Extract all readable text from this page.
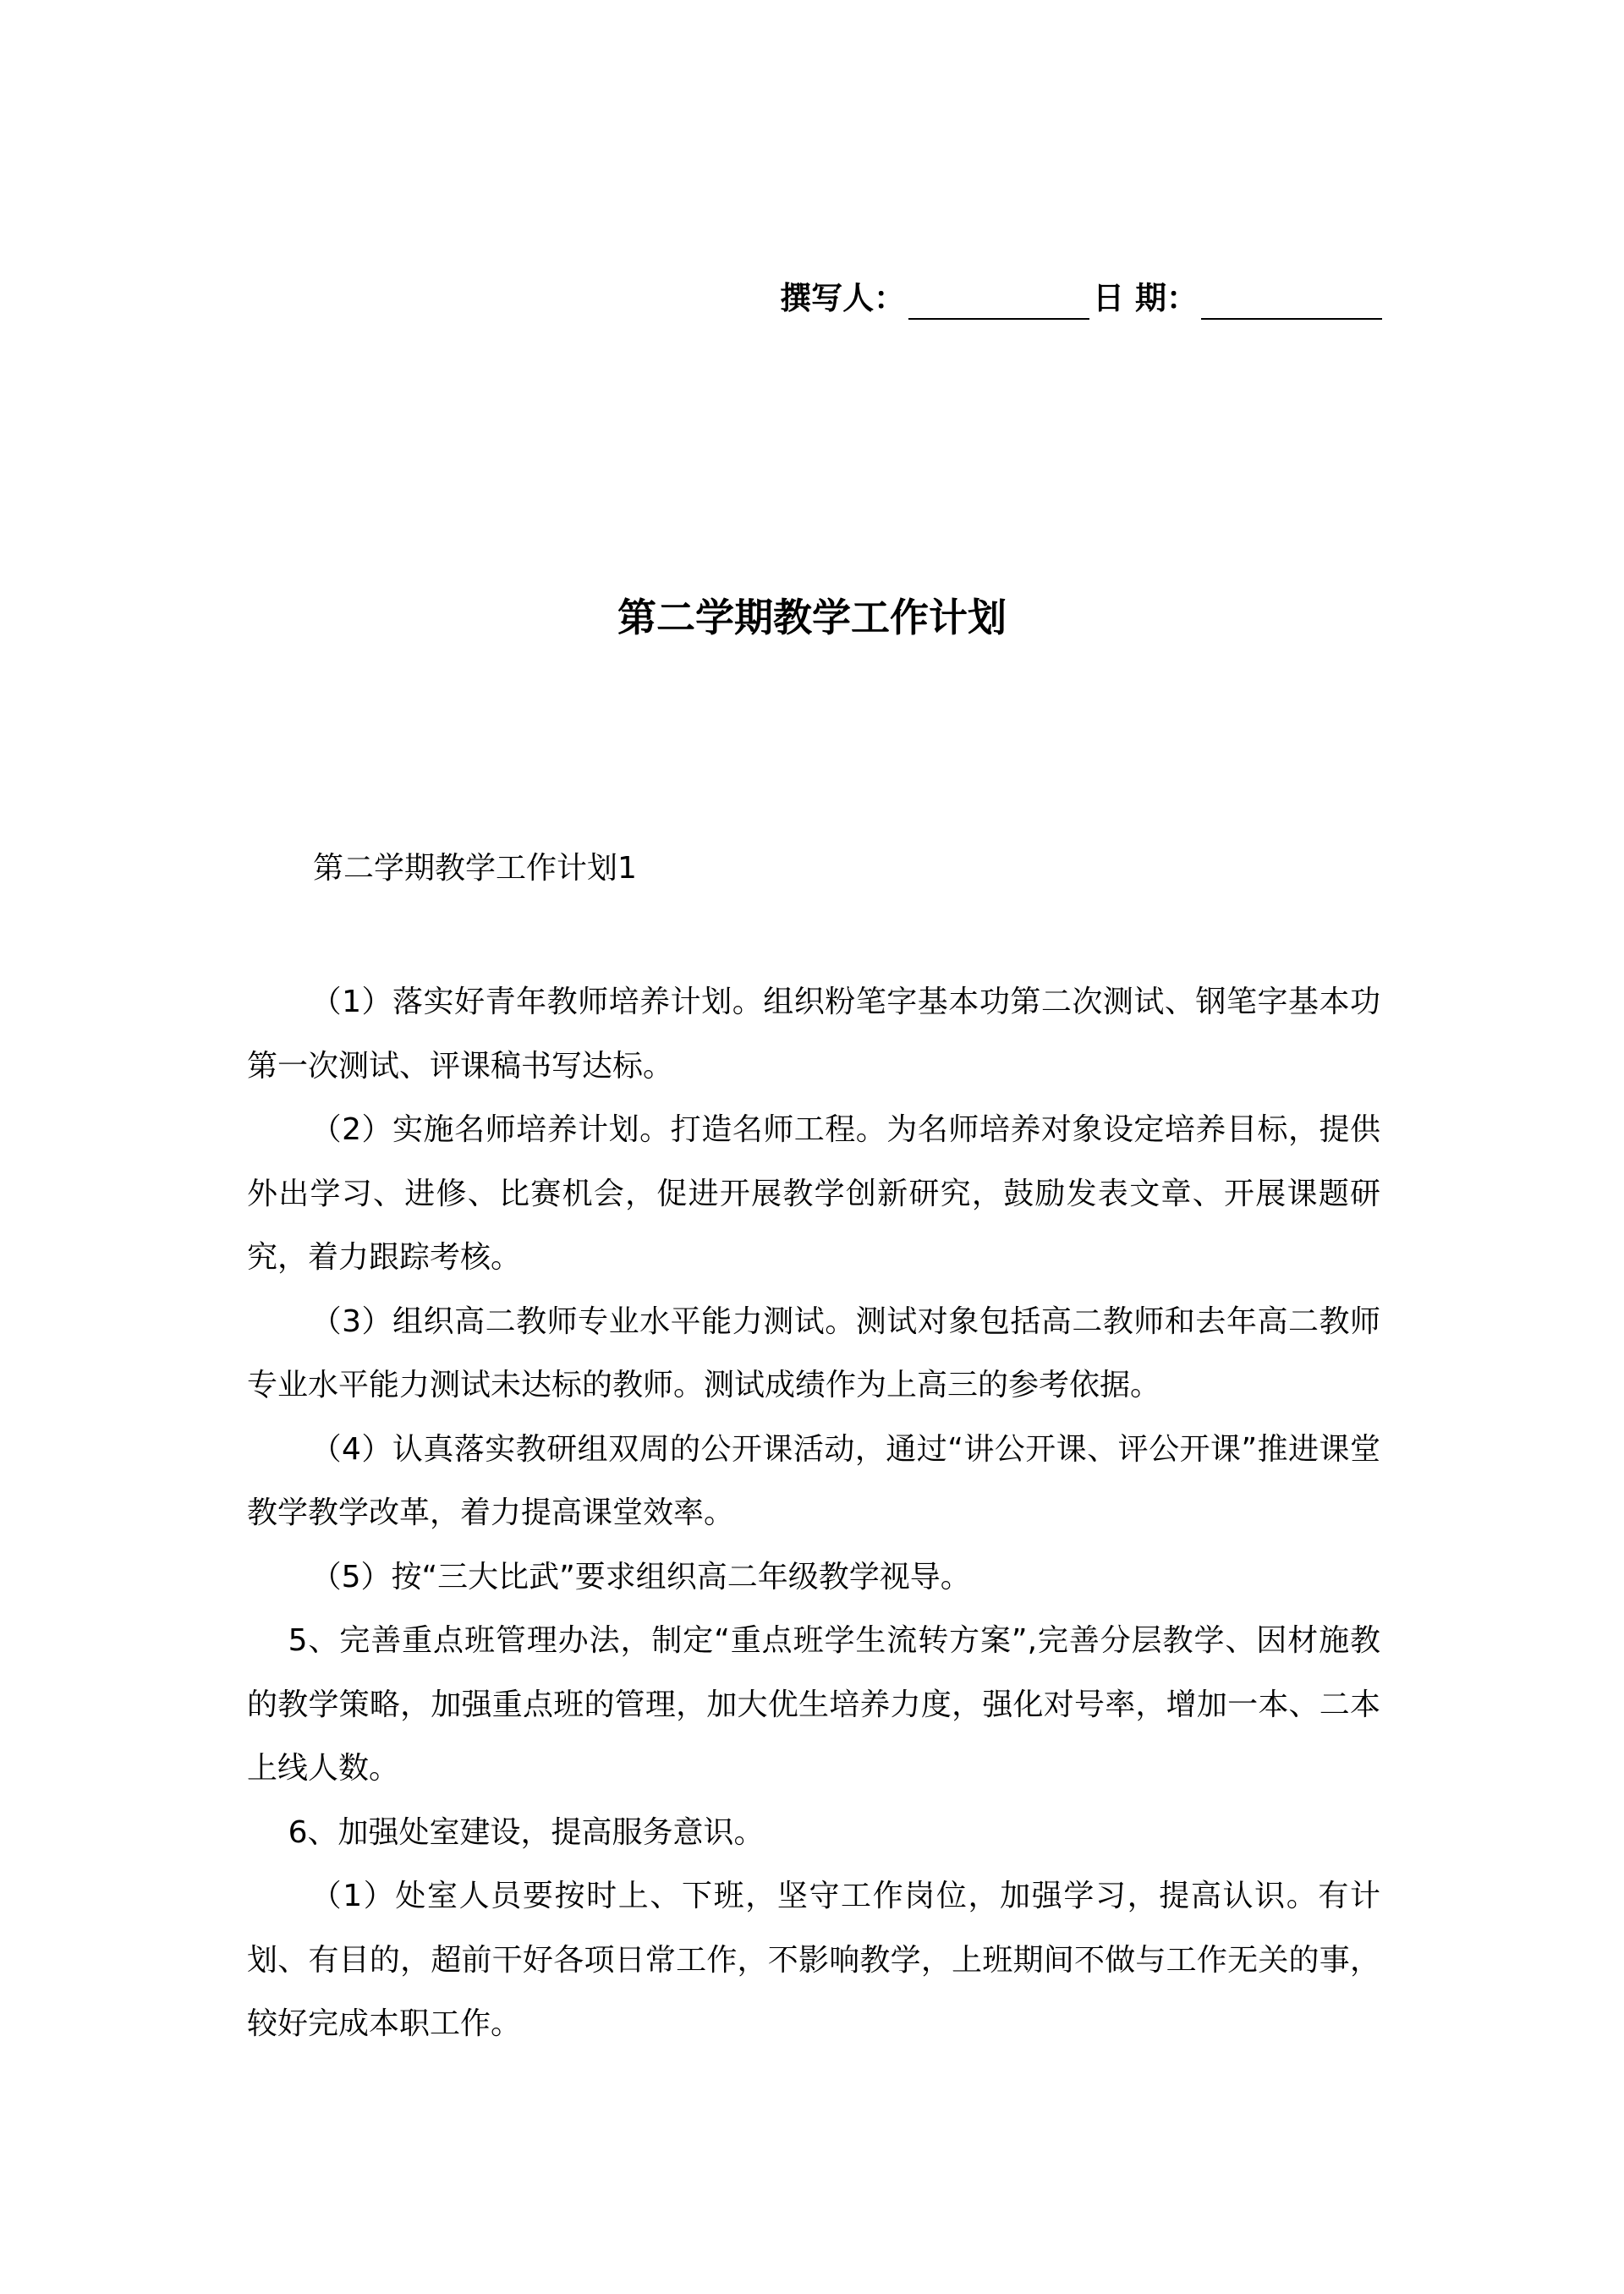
撰写人：	日 期：
第二学期教学工作计划
第二学期教学工作计划1

（1）落实好青年教师培养计划。组织粉笔字基本功第二次测试、钢笔字基本功第一次测试、评课稿书写达标。

（2）实施名师培养计划。打造名师工程。为名师培养对象设定培养目标，提供外出学习、进修、比赛机会，促进开展教学创新研究，鼓励发表文章、开展课题研究，着力跟踪考核。

（3）组织高二教师专业水平能力测试。测试对象包括高二教师和去年高二教师专业水平能力测试未达标的教师。测试成绩作为上高三的参考依据。

（4）认真落实教研组双周的公开课活动，通过“讲公开课、评公开课”推进课堂教学教学改革，着力提高课堂效率。

（5）按“三大比武”要求组织高二年级教学视导。

5、完善重点班管理办法，制定“重点班学生流转方案”,完善分层教学、因材施教的教学策略，加强重点班的管理，加大优生培养力度，强化对号率，增加一本、二本上线人数。

6、加强处室建设，提高服务意识。

（1）处室人员要按时上、下班，坚守工作岗位，加强学习，提高认识。有计划、有目的，超前干好各项日常工作，不影响教学，上班期间不做与工作无关的事，较好完成本职工作。
